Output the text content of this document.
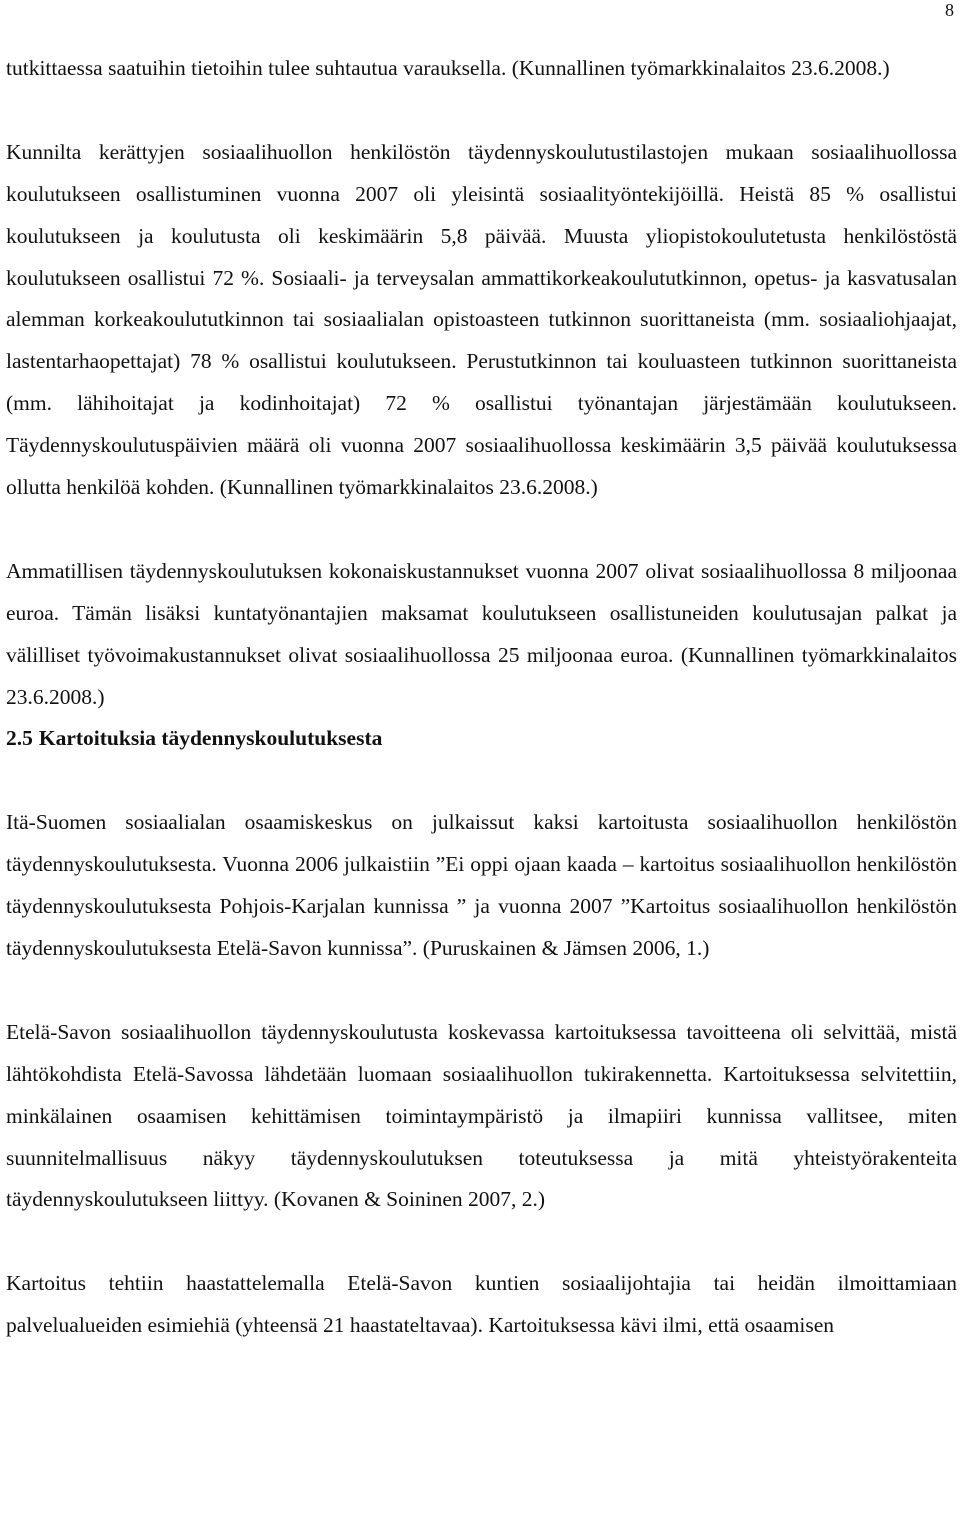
8

tutkittaessa saatuihin tietoihin tulee suhtautua varauksella. (Kunnallinen työmarkkinalaitos 23.6.2008.)

Kunnilta kerättyjen sosiaalihuollon henkilöstön täydennyskoulutustilastojen mukaan sosiaalihuollossa koulutukseen osallistuminen vuonna 2007 oli yleisintä sosiaalityöntekijöillä. Heistä 85 % osallistui koulutukseen ja koulutusta oli keskimäärin 5,8 päivää. Muusta yliopistokoulutetusta henkilöstöstä koulutukseen osallistui 72 %. Sosiaali- ja terveysalan ammattikorkeakoulututkinnon, opetus- ja kasvatusalan alemman korkeakoulututkinnon tai sosiaalialan opistoasteen tutkinnon suorittaneista (mm. sosiaaliohjaajat, lastentarhaopettajat) 78 % osallistui koulutukseen. Perustutkinnon tai kouluasteen tutkinnon suorittaneista (mm. lähihoitajat ja kodinhoitajat) 72 % osallistui työnantajan järjestämään koulutukseen. Täydennyskoulutuspäivien määrä oli vuonna 2007 sosiaalihuollossa keskimäärin 3,5 päivää koulutuksessa ollutta henkilöä kohden. (Kunnallinen työmarkkinalaitos 23.6.2008.)

Ammatillisen täydennyskoulutuksen kokonaiskustannukset vuonna 2007 olivat sosiaalihuollossa 8 miljoonaa euroa. Tämän lisäksi kuntatyönantajien maksamat koulutukseen osallistuneiden koulutusajan palkat ja välilliset työvoimakustannukset olivat sosiaalihuollossa 25 miljoonaa euroa. (Kunnallinen työmarkkinalaitos 23.6.2008.)

2.5 Kartoituksia täydennyskoulutuksesta

Itä-Suomen sosiaalialan osaamiskeskus on julkaissut kaksi kartoitusta sosiaalihuollon henkilöstön täydennyskoulutuksesta. Vuonna 2006 julkaistiin ”Ei oppi ojaan kaada – kartoitus sosiaalihuollon henkilöstön täydennyskoulutuksesta Pohjois-Karjalan kunnissa ” ja vuonna 2007 ”Kartoitus sosiaalihuollon henkilöstön täydennyskoulutuksesta Etelä-Savon kunnissa”. (Puruskainen & Jämsen 2006, 1.)

Etelä-Savon sosiaalihuollon täydennyskoulutusta koskevassa kartoituksessa tavoitteena oli selvittää, mistä lähtökohdista Etelä-Savossa lähdetään luomaan sosiaalihuollon tukirakennetta. Kartoituksessa selvitettiin, minkälainen osaamisen kehittämisen toimintaympäristö ja ilmapiiri kunnissa vallitsee, miten suunnitelmallisuus näkyy täydennyskoulutuksen toteutuksessa ja mitä yhteistyörakenteita täydennyskoulutukseen liittyy. (Kovanen & Soininen 2007, 2.)

Kartoitus tehtiin haastattelemalla Etelä-Savon kuntien sosiaalijohtajia tai heidän ilmoittamiaan palvelualueiden esimiehiä (yhteensä 21 haastateltavaa). Kartoituksessa kävi ilmi, että osaamisen
